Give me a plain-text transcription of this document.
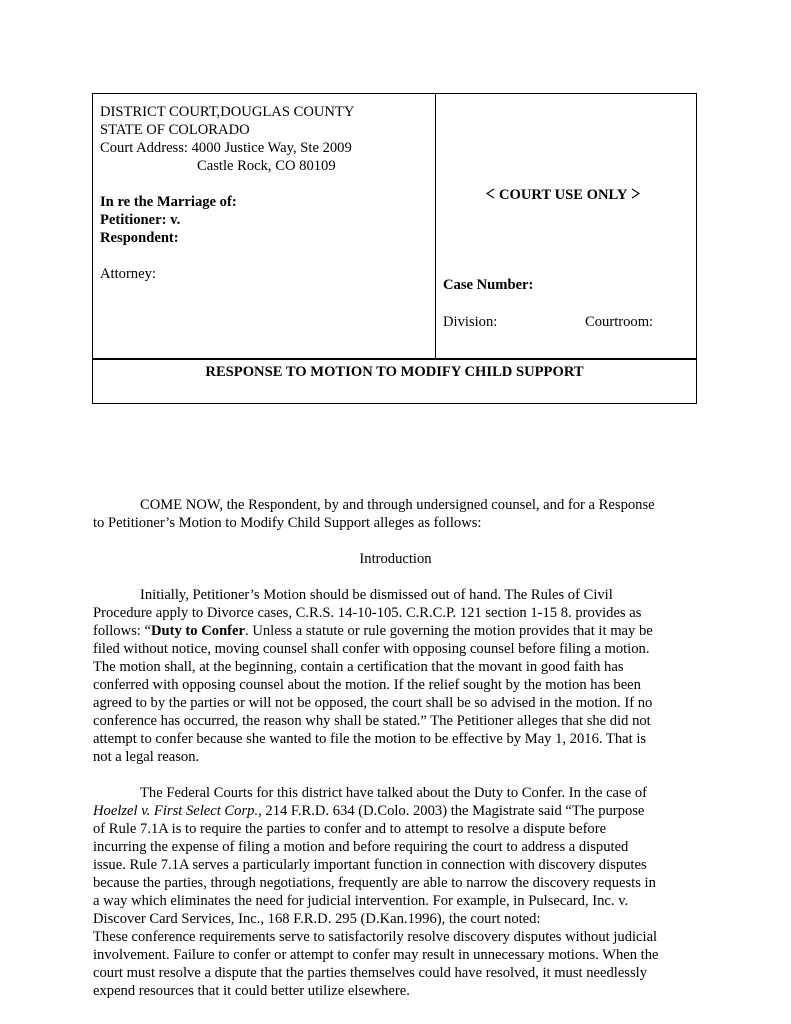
DISTRICT COURT,DOUGLAS COUNTY
STATE OF COLORADO
Court Address: 4000 Justice Way, Ste 2009
Castle Rock, CO 80109
In re the Marriage of:
Petitioner: v.
Respondent:
Attorney:
COURT USE ONLY
Case Number:
Division:	Courtroom:
RESPONSE TO MOTION TO MODIFY CHILD SUPPORT
COME NOW, the Respondent, by and through undersigned counsel, and for a Response
to Petitioner’s Motion to Modify Child Support alleges as follows:
Introduction
Initially, Petitioner’s Motion should be dismissed out of hand. The Rules of Civil
Procedure apply to Divorce cases, C.R.S. 14-10-105. C.R.C.P. 121 section 1-15 8. provides as
follows: “Duty to Confer. Unless a statute or rule governing the motion provides that it may be
filed without notice, moving counsel shall confer with opposing counsel before filing a motion.
The motion shall, at the beginning, contain a certification that the movant in good faith has
conferred with opposing counsel about the motion. If the relief sought by the motion has been
agreed to by the parties or will not be opposed, the court shall be so advised in the motion. If no
conference has occurred, the reason why shall be stated.” The Petitioner alleges that she did not
attempt to confer because she wanted to file the motion to be effective by May 1, 2016. That is
not a legal reason.
The Federal Courts for this district have talked about the Duty to Confer. In the case of
Hoelzel v. First Select Corp., 214 F.R.D. 634 (D.Colo. 2003) the Magistrate said “The purpose
of Rule 7.1A is to require the parties to confer and to attempt to resolve a dispute before
incurring the expense of filing a motion and before requiring the court to address a disputed
issue. Rule 7.1A serves a particularly important function in connection with discovery disputes
because the parties, through negotiations, frequently are able to narrow the discovery requests in
a way which eliminates the need for judicial intervention. For example, in Pulsecard, Inc. v.
Discover Card Services, Inc., 168 F.R.D. 295 (D.Kan.1996), the court noted:
These conference requirements serve to satisfactorily resolve discovery disputes without judicial
involvement. Failure to confer or attempt to confer may result in unnecessary motions. When the
court must resolve a dispute that the parties themselves could have resolved, it must needlessly
expend resources that it could better utilize elsewhere.
